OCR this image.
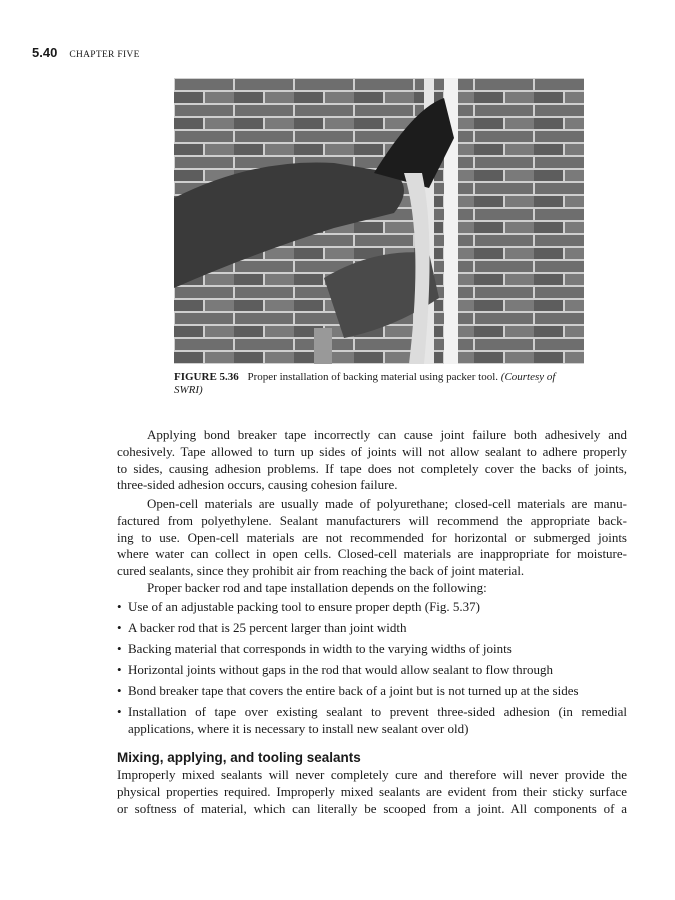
5.40 CHAPTER FIVE
FIGURE 5.36 Proper installation of backing material using packer tool. (Courtesy of
SWRI)
Applying bond breaker tape incorrectly can cause joint failure both adhesively and
cohesively. Tape allowed to turn up sides of joints will not allow sealant to adhere properly
to sides, causing adhesion problems. If tape does not completely cover the backs of joints,
three-sided adhesion occurs, causing cohesion failure.
Open-cell materials are usually made of polyurethane; closed-cell materials are manu-
factured from polyethylene. Sealant manufacturers will recommend the appropriate back-
ing to use. Open-cell materials are not recommended for horizontal or submerged joints
where water can collect in open cells. Closed-cell materials are inappropriate for moisture-
cured sealants, since they prohibit air from reaching the back of joint material.
Proper backer rod and tape installation depends on the following:
• Use of an adjustable packing tool to ensure proper depth (Fig. 5.37)
• A backer rod that is 25 percent larger than joint width
• Backing material that corresponds in width to the varying widths of joints
• Horizontal joints without gaps in the rod that would allow sealant to flow through
• Bond breaker tape that covers the entire back of a joint but is not turned up at the sides
• Installation of tape over existing sealant to prevent three-sided adhesion (in remedial
applications, where it is necessary to install new sealant over old)
Mixing, applying, and tooling sealants
Improperly mixed sealants will never completely cure and therefore will never provide the
physical properties required. Improperly mixed sealants are evident from their sticky surface
or softness of material, which can literally be scooped from a joint. All components of a
